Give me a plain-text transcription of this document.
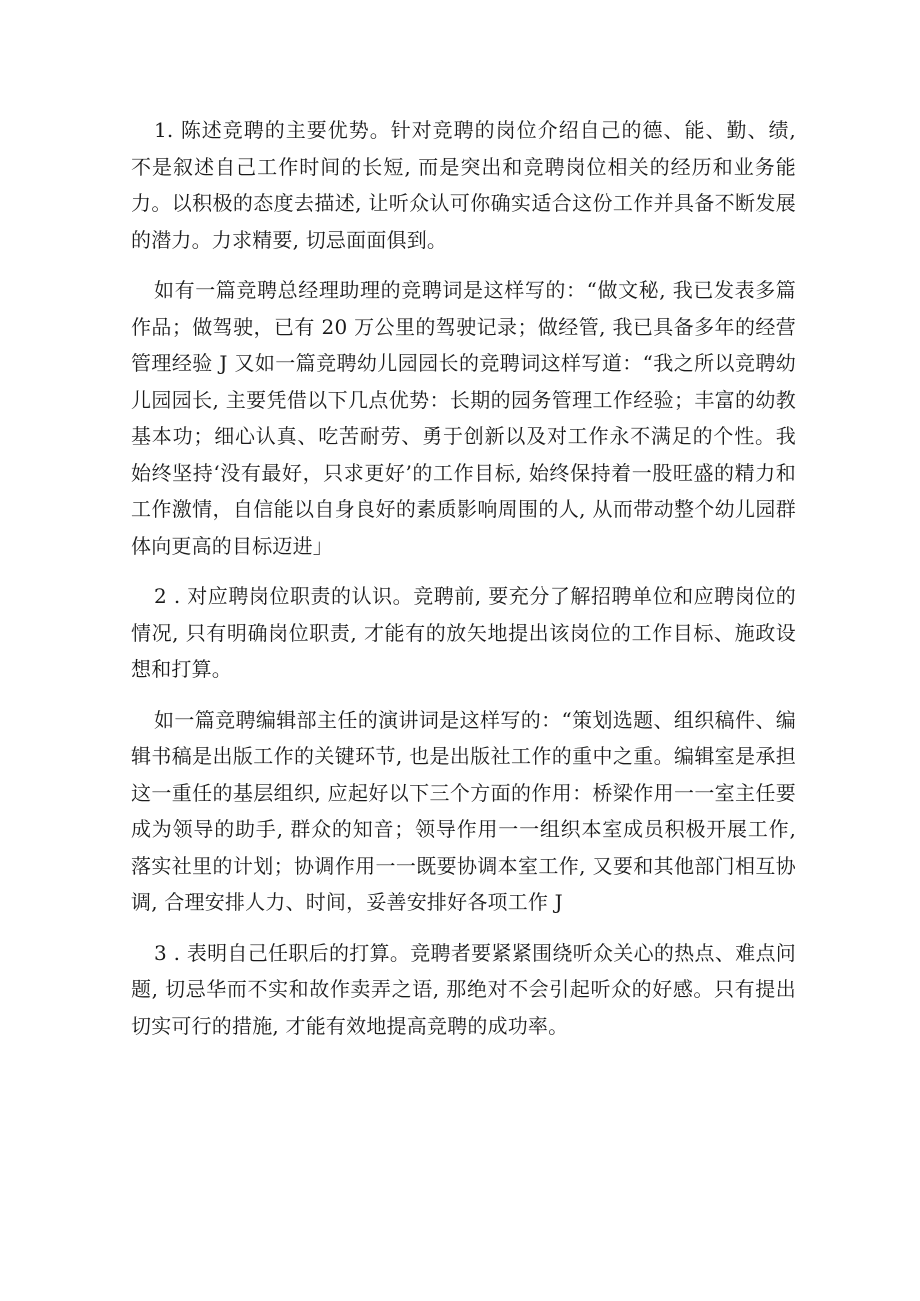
1. 陈述竞聘的主要优势。针对竞聘的岗位介绍自己的德、能、勤、绩, 不是叙述自己工作时间的长短, 而是突出和竞聘岗位相关的经历和业务能力。以积极的态度去描述, 让听众认可你确实适合这份工作并具备不断发展的潜力。力求精要, 切忌面面俱到。

如有一篇竞聘总经理助理的竞聘词是这样写的：“做文秘, 我已发表多篇作品；做驾驶，已有 20 万公里的驾驶记录；做经管, 我已具备多年的经营管理经验 J 又如一篇竞聘幼儿园园长的竞聘词这样写道：“我之所以竞聘幼儿园园长, 主要凭借以下几点优势：长期的园务管理工作经验；丰富的幼教基本功；细心认真、吃苦耐劳、勇于创新以及对工作永不满足的个性。我始终坚持‘没有最好，只求更好’的工作目标, 始终保持着一股旺盛的精力和工作激情，自信能以自身良好的素质影响周围的人, 从而带动整个幼儿园群体向更高的目标迈进」

2 . 对应聘岗位职责的认识。竞聘前, 要充分了解招聘单位和应聘岗位的情况, 只有明确岗位职责, 才能有的放矢地提出该岗位的工作目标、施政设想和打算。

如一篇竞聘编辑部主任的演讲词是这样写的：“策划选题、组织稿件、编辑书稿是出版工作的关键环节, 也是出版社工作的重中之重。编辑室是承担这一重任的基层组织, 应起好以下三个方面的作用：桥梁作用一一室主任要成为领导的助手, 群众的知音；领导作用一一组织本室成员积极开展工作, 落实社里的计划；协调作用一一既要协调本室工作, 又要和其他部门相互协调, 合理安排人力、时间，妥善安排好各项工作 J

3 . 表明自己任职后的打算。竞聘者要紧紧围绕听众关心的热点、难点问题, 切忌华而不实和故作卖弄之语, 那绝对不会引起听众的好感。只有提出切实可行的措施, 才能有效地提高竞聘的成功率。
